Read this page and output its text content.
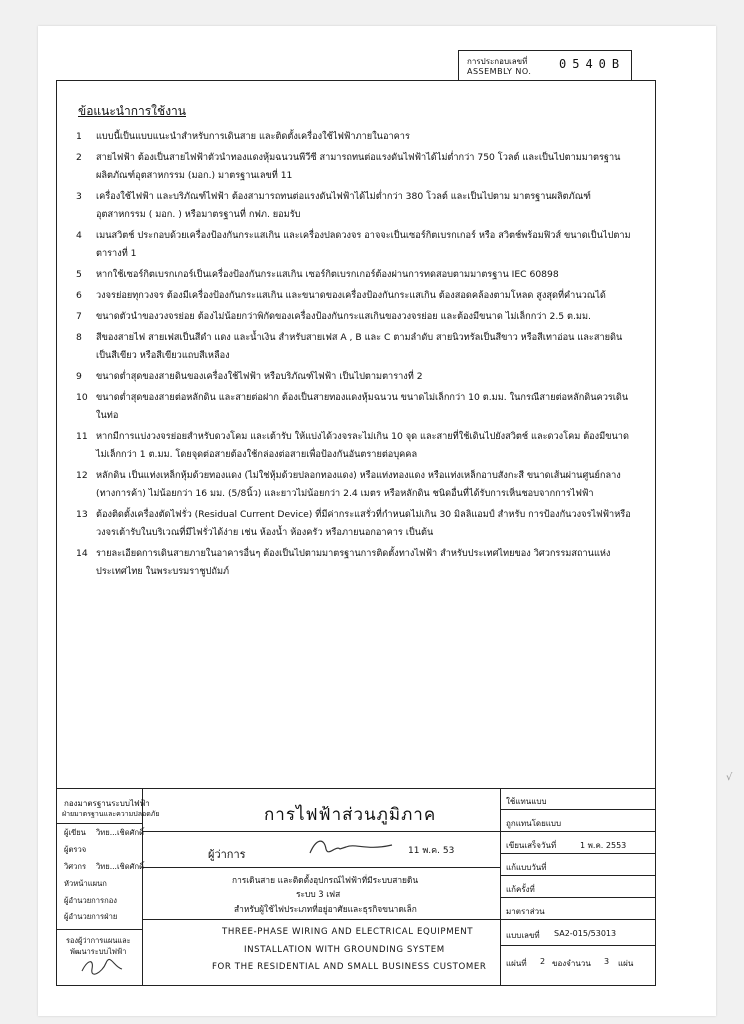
การประกอบเลขที่
ASSEMBLY NO.
0540B
ข้อแนะนำการใช้งาน
1 แบบนี้เป็นแบบแนะนำสำหรับการเดินสาย และติดตั้งเครื่องใช้ไฟฟ้าภายในอาคาร
2 สายไฟฟ้า ต้องเป็นสายไฟฟ้าตัวนำทองแดงหุ้มฉนวนพีวีซี สามารถทนต่อแรงดันไฟฟ้าได้ไม่ต่ำกว่า 750 โวลต์ และเป็นไปตามมาตรฐานผลิตภัณฑ์อุตสาหกรรม (มอก.) มาตรฐานเลขที่ 11
3 เครื่องใช้ไฟฟ้า และบริภัณฑ์ไฟฟ้า ต้องสามารถทนต่อแรงดันไฟฟ้าได้ไม่ต่ำกว่า 380 โวลต์ และเป็นไปตาม มาตรฐานผลิตภัณฑ์อุตสาหกรรม ( มอก. ) หรือมาตรฐานที่ กฟภ. ยอมรับ
4 เมนสวิตช์ ประกอบด้วยเครื่องป้องกันกระแสเกิน และเครื่องปลดวงจร อาจจะเป็นเซอร์กิตเบรกเกอร์ หรือ สวิตช์พร้อมฟิวส์ ขนาดเป็นไปตามตารางที่ 1
5 หากใช้เซอร์กิตเบรกเกอร์เป็นเครื่องป้องกันกระแสเกิน เซอร์กิตเบรกเกอร์ต้องผ่านการทดสอบตามมาตรฐาน IEC 60898
6 วงจรย่อยทุกวงจร ต้องมีเครื่องป้องกันกระแสเกิน และขนาดของเครื่องป้องกันกระแสเกิน ต้องสอดคล้องตามโหลด สูงสุดที่คำนวณได้
7 ขนาดตัวนำของวงจรย่อย ต้องไม่น้อยกว่าพิกัดของเครื่องป้องกันกระแสเกินของวงจรย่อย และต้องมีขนาด ไม่เล็กกว่า 2.5 ต.มม.
8 สีของสายไฟ สายเฟสเป็นสีดำ แดง และน้ำเงิน สำหรับสายเฟส A , B และ C ตามลำดับ สายนิวทรัลเป็นสีขาว หรือสีเทาอ่อน และสายดินเป็นสีเขียว หรือสีเขียวแถบสีเหลือง
9 ขนาดต่ำสุดของสายดินของเครื่องใช้ไฟฟ้า หรือบริภัณฑ์ไฟฟ้า เป็นไปตามตารางที่ 2
10 ขนาดต่ำสุดของสายต่อหลักดิน และสายต่อฝาก ต้องเป็นสายทองแดงหุ้มฉนวน ขนาดไม่เล็กกว่า 10 ต.มม. ในกรณีสายต่อหลักดินควรเดินในท่อ
11 หากมีการแบ่งวงจรย่อยสำหรับดวงโคม และเต้ารับ ให้แบ่งได้วงจรละไม่เกิน 10 จุด และสายที่ใช้เดินไปยังสวิตช์ และดวงโคม ต้องมีขนาดไม่เล็กกว่า 1 ต.มม. โดยจุดต่อสายต้องใช้กล่องต่อสายเพื่อป้องกันอันตรายต่อบุคคล
12 หลักดิน เป็นแท่งเหล็กหุ้มด้วยทองแดง (ไม่ใช่หุ้มด้วยปลอกทองแดง) หรือแท่งทองแดง หรือแท่งเหล็กอาบสังกะสี ขนาดเส้นผ่านศูนย์กลาง (ทางการค้า) ไม่น้อยกว่า 16 มม. (5/8นิ้ว) และยาวไม่น้อยกว่า 2.4 เมตร หรือหลักดิน ชนิดอื่นที่ได้รับการเห็นชอบจากการไฟฟ้า
13 ต้องติดตั้งเครื่องตัดไฟรั่ว (Residual Current Device) ที่มีค่ากระแสรั่วที่กำหนดไม่เกิน 30 มิลลิแอมป์ สำหรับ การป้องกันวงจรไฟฟ้าหรือวงจรเต้ารับในบริเวณที่มีไฟรั่วได้ง่าย เช่น ห้องน้ำ ห้องครัว หรือภายนอกอาคาร เป็นต้น
14 รายละเอียดการเดินสายภายในอาคารอื่นๆ ต้องเป็นไปตามมาตรฐานการติดตั้งทางไฟฟ้า สำหรับประเทศไทยของ วิศวกรรมสถานแห่งประเทศไทย ในพระบรมราชูปถัมภ์
√
กองมาตรฐานระบบไฟฟ้า
ฝ่ายมาตรฐานและความปลอดภัย
ผู้เขียน วิทย...เชิดศักดิ์
ผู้ตรวจ
วิศวกร วิทย...เชิดศักดิ์
หัวหน้าแผนก
ผู้อำนวยการกอง
ผู้อำนวยการฝ่าย
รองผู้ว่าการแผนและ
พัฒนาระบบไฟฟ้า
การไฟฟ้าส่วนภูมิภาค
ผู้ว่าการ	11 พ.ค. 53
การเดินสาย และติดตั้งอุปกรณ์ไฟฟ้าที่มีระบบสายดิน
ระบบ 3 เฟส
สำหรับผู้ใช้ไฟประเภทที่อยู่อาศัยและธุรกิจขนาดเล็ก
THREE-PHASE WIRING AND ELECTRICAL EQUIPMENT
INSTALLATION WITH GROUNDING SYSTEM
FOR THE RESIDENTIAL AND SMALL BUSINESS CUSTOMER
ใช้แทนแบบ
ถูกแทนโดยแบบ
เขียนเสร็จวันที่	1 พ.ค. 2553
แก้แบบวันที่
แก้ครั้งที่
มาตราส่วน
แบบเลขที่ SA2-015/53013
แผ่นที่ 2 ของจำนวน 3 แผ่น
